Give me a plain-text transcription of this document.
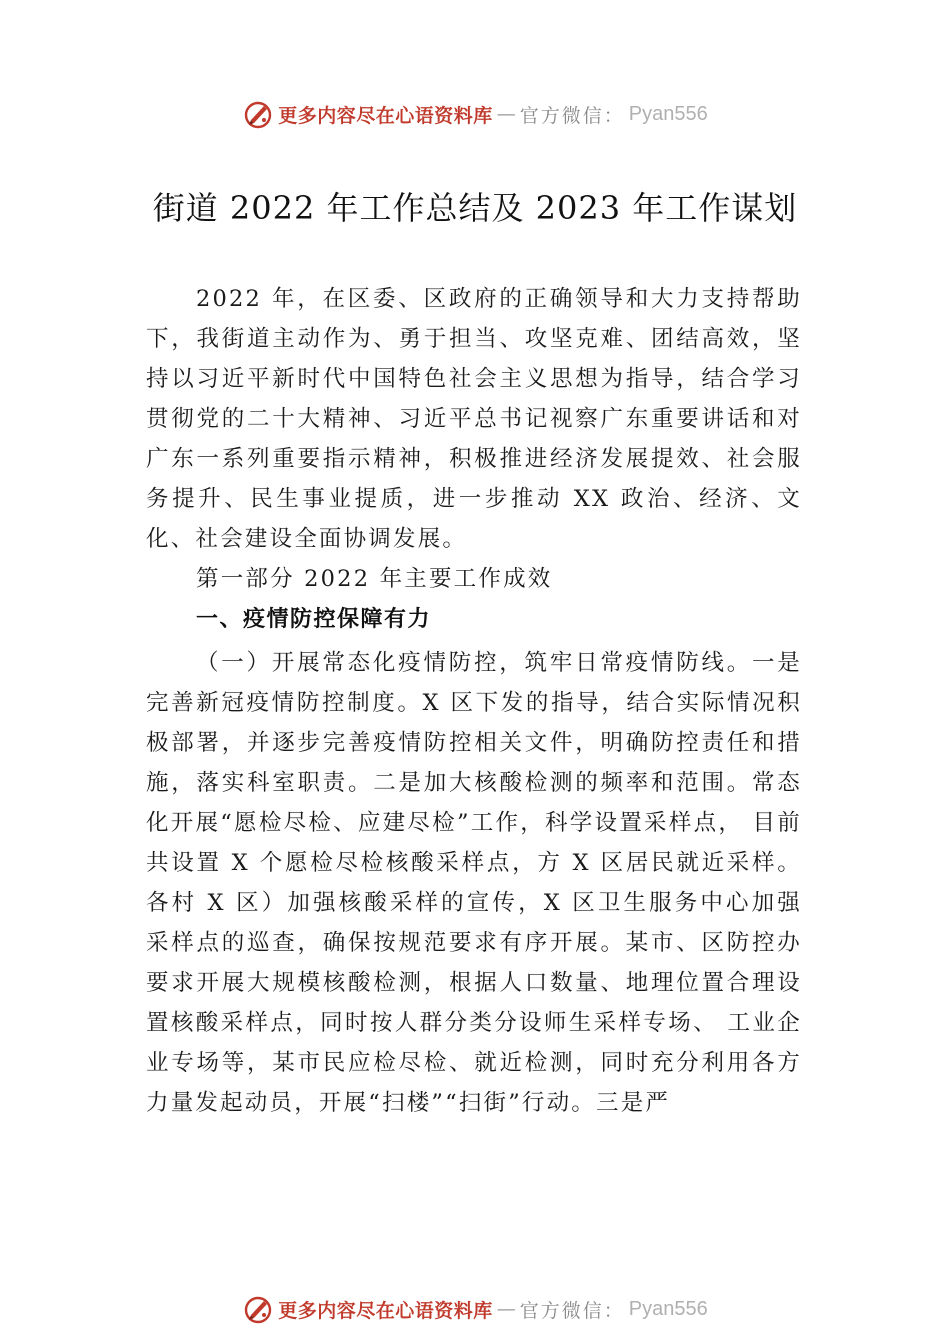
更多内容尽在心语资料库 — 官方微信： Pyan556
街道 2022 年工作总结及 2023 年工作谋划

2022 年，在区委、区政府的正确领导和大力支持帮助下，我街道主动作为、勇于担当、攻坚克难、团结高效，坚持以习近平新时代中国特色社会主义思想为指导，结合学习贯彻党的二十大精神、习近平总书记视察广东重要讲话和对广东一系列重要指示精神，积极推进经济发展提效、社会服务提升、民生事业提质，进一步推动 XX 政治、经济、文化、社会建设全面协调发展。

第一部分 2022 年主要工作成效

一、疫情防控保障有力

（一）开展常态化疫情防控，筑牢日常疫情防线。一是完善新冠疫情防控制度。X 区下发的指导，结合实际情况积极部署，并逐步完善疫情防控相关文件，明确防控责任和措施，落实科室职责。二是加大核酸检测的频率和范围。常态化开展“愿检尽检、应建尽检”工作，科学设置采样点， 目前共设置 X 个愿检尽检核酸采样点，方 X 区居民就近采样。各村 X 区）加强核酸采样的宣传，X 区卫生服务中心加强采样点的巡查，确保按规范要求有序开展。某市、区防控办要求开展大规模核酸检测，根据人口数量、地理位置合理设置核酸采样点，同时按人群分类分设师生采样专场、 工业企业专场等，某市民应检尽检、就近检测，同时充分利用各方力量发起动员，开展“扫楼”“扫街”行动。三是严

更多内容尽在心语资料库 — 官方微信： Pyan556
